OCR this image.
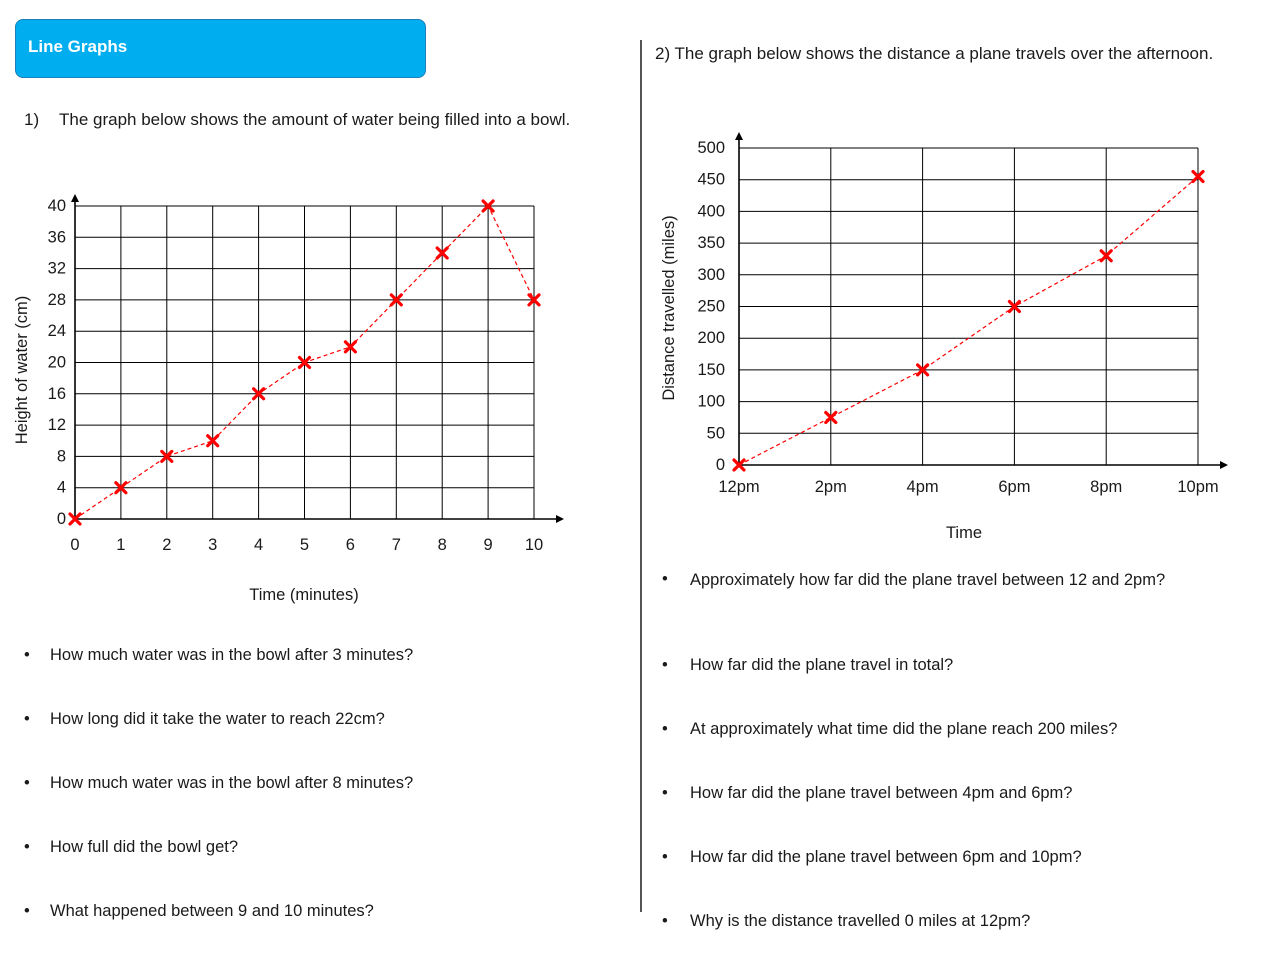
Line Graphs
1) The graph below shows the amount of water being filled into a bowl.
2) The graph below shows the distance a plane travels over the afternoon.
0 1 2 3 4 5 6 7 8 9 10
0
4
8
12
16
20
24
28
32
36
40
Time (minutes)
Height of water (cm)
12pm	2pm	4pm	6pm	8pm	10pm
0
50
100
150
200
250
300
350
400
450
500
Time
Distance travelled (miles)
• How much water was in the bowl after 3 minutes?
• How long did it take the water to reach 22cm?
• How much water was in the bowl after 8 minutes?
• How full did the bowl get?
• What happened between 9 and 10 minutes?
• Approximately how far did the plane travel between 12 and 2pm?
• How far did the plane travel in total?
• At approximately what time did the plane reach 200 miles?
• How far did the plane travel between 4pm and 6pm?
• How far did the plane travel between 6pm and 10pm?
• Why is the distance travelled 0 miles at 12pm?
